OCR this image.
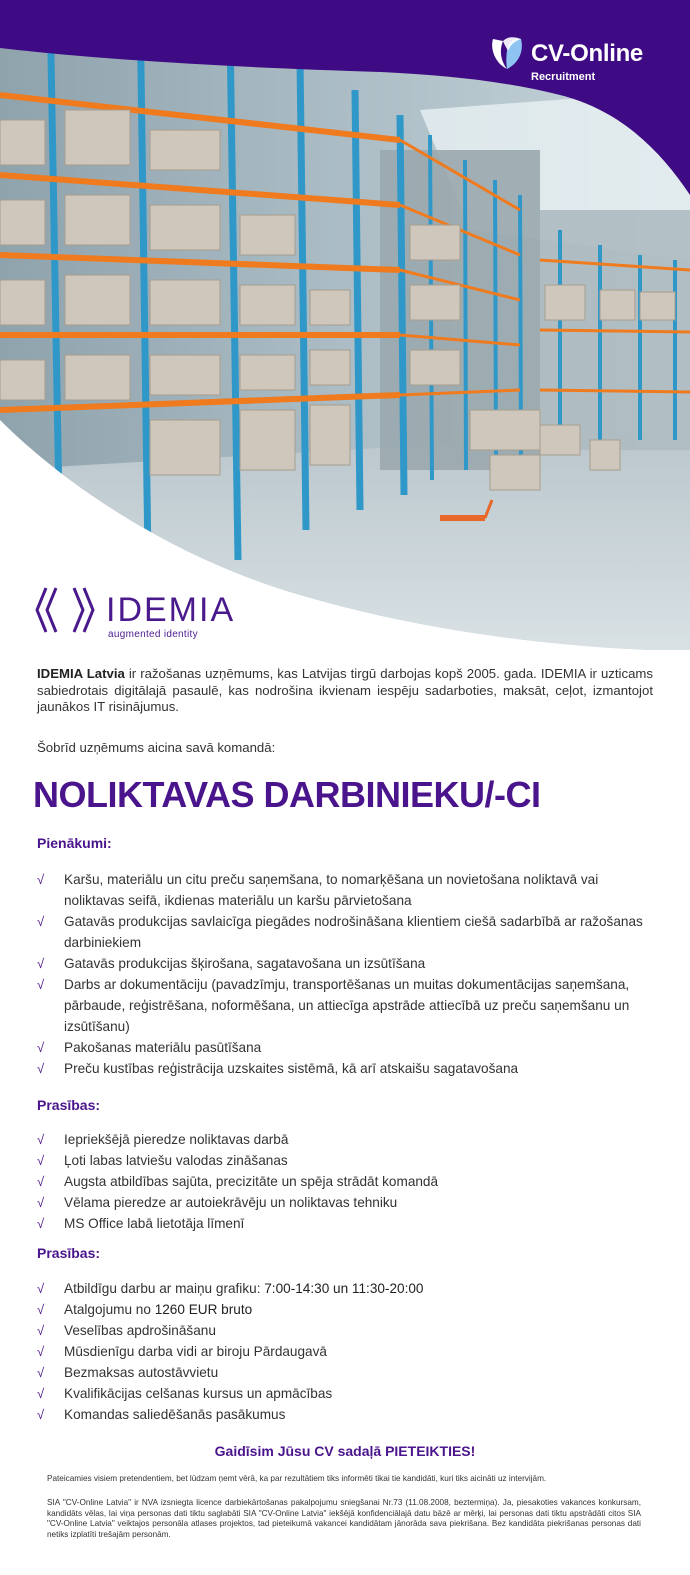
CV-Online
Recruitment
IDEMIA
augmented identity

IDEMIA Latvia ir ražošanas uzņēmums, kas Latvijas tirgū darbojas kopš 2005. gada. IDEMIA ir uzticams sabiedrotais digitālajā pasaulē, kas nodrošina ikvienam iespēju sadarboties, maksāt, ceļot, izmantojot jaunākos IT risinājumus.

Šobrīd uzņēmums aicina savā komandā:
NOLIKTAVAS DARBINIEKU/-CI
Pienākumi:
√ Karšu, materiālu un citu preču saņemšana, to nomarķēšana un novietošana noliktavā vai noliktavas seifā, ikdienas materiālu un karšu pārvietošana
√ Gatavās produkcijas savlaicīga piegādes nodrošināšana klientiem ciešā sadarbībā ar ražošanas darbiniekiem
√ Gatavās produkcijas šķirošana, sagatavošana un izsūtīšana
√ Darbs ar dokumentāciju (pavadzīmju, transportēšanas un muitas dokumentācijas saņemšana, pārbaude, reģistrēšana, noformēšana, un attiecīga apstrāde attiecībā uz preču saņemšanu un izsūtīšanu)
√ Pakošanas materiālu pasūtīšana
√ Preču kustības reģistrācija uzskaites sistēmā, kā arī atskaišu sagatavošana
Prasības:
√ Iepriekšējā pieredze noliktavas darbā
√ Ļoti labas latviešu valodas zināšanas
√ Augsta atbildības sajūta, precizitāte un spēja strādāt komandā
√ Vēlama pieredze ar autoiekrāvēju un noliktavas tehniku
√ MS Office labā lietotāja līmenī
Prasības:
√ Atbildīgu darbu ar maiņu grafiku: 7:00-14:30 un 11:30-20:00
√ Atalgojumu no 1260 EUR bruto
√ Veselības apdrošināšanu
√ Mūsdienīgu darba vidi ar biroju Pārdaugavā
√ Bezmaksas autostāvvietu
√ Kvalifikācijas celšanas kursus un apmācības
√ Komandas saliedēšanās pasākumus
Gaidīsim Jūsu CV sadaļā PIETEIKTIES!
Pateicamies visiem pretendentiem, bet lūdzam ņemt vērā, ka par rezultātiem tiks informēti tikai tie kandidāti, kuri tiks aicināti uz intervijām.
SIA "CV-Online Latvia" ir NVA izsniegta licence darbiekārtošanas pakalpojumu sniegšanai Nr.73 (11.08.2008, beztermiņa). Ja, piesakoties vakances konkursam, kandidāts vēlas, lai viņa personas dati tiktu saglabāti SIA "CV-Online Latvia" iekšējā konfidenciālajā datu bāzē ar mērķi, lai personas dati tiktu apstrādāti citos SIA "CV-Online Latvia" veiktajos personāla atlases projektos, tad pieteikumā vakancei kandidātam jānorāda sava piekrišana. Bez kandidāta piekrišanas personas dati netiks izplatīti trešajām personām.
